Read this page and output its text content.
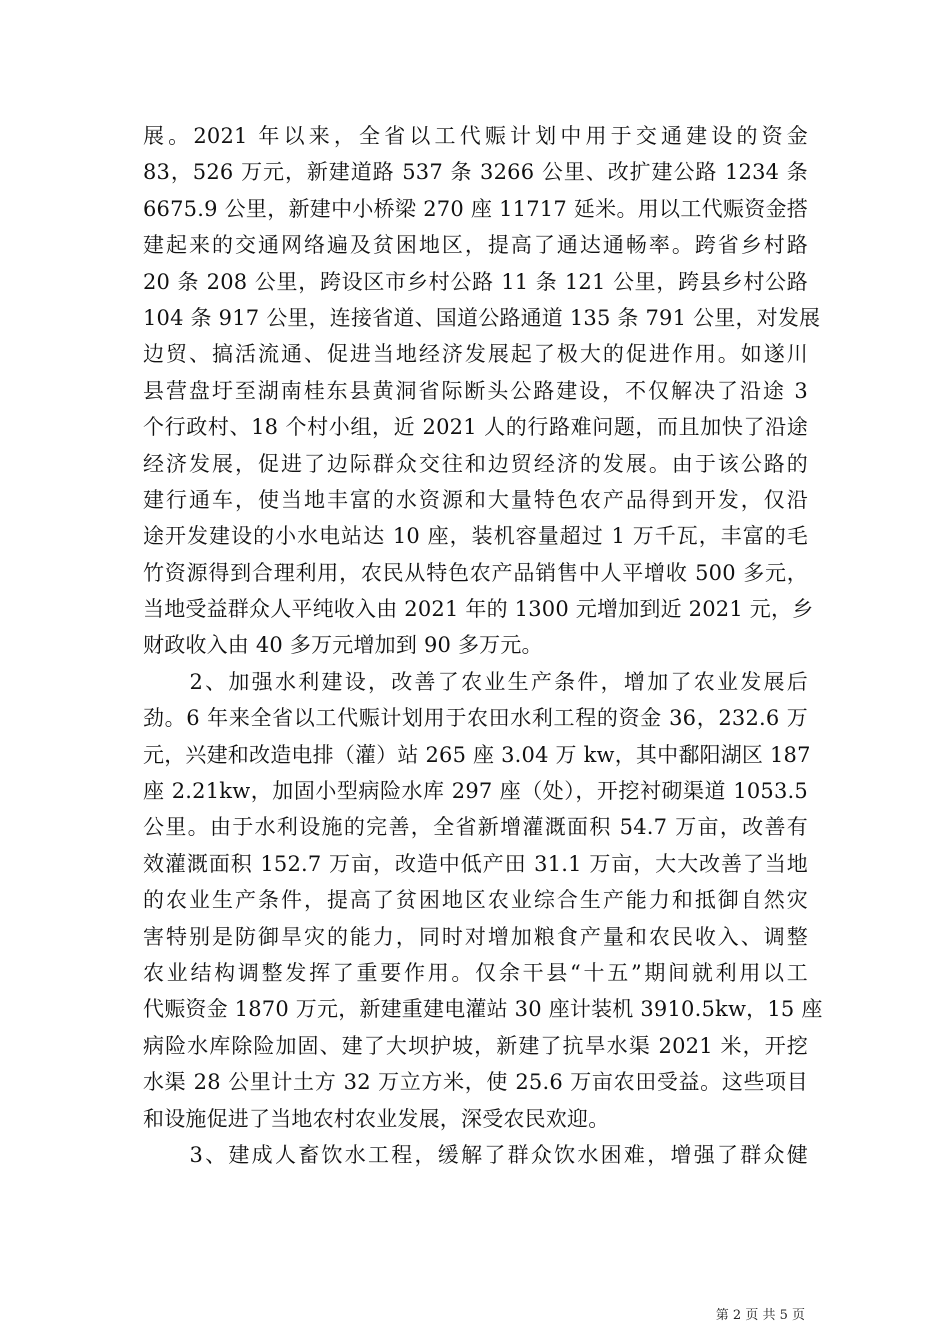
展。2021 年以来，全省以工代赈计划中用于交通建设的资金
83，526 万元，新建道路 537 条 3266 公里、改扩建公路 1234 条
6675.9 公里，新建中小桥梁 270 座 11717 延米。用以工代赈资金搭
建起来的交通网络遍及贫困地区，提高了通达通畅率。跨省乡村路
20 条 208 公里，跨设区市乡村公路 11 条 121 公里，跨县乡村公路
104 条 917 公里，连接省道、国道公路通道 135 条 791 公里，对发展
边贸、搞活流通、促进当地经济发展起了极大的促进作用。如遂川
县营盘圩至湖南桂东县黄洞省际断头公路建设，不仅解决了沿途 3
个行政村、18 个村小组，近 2021 人的行路难问题，而且加快了沿途
经济发展，促进了边际群众交往和边贸经济的发展。由于该公路的
建行通车，使当地丰富的水资源和大量特色农产品得到开发，仅沿
途开发建设的小水电站达 10 座，装机容量超过 1 万千瓦，丰富的毛
竹资源得到合理利用，农民从特色农产品销售中人平增收 500 多元，
当地受益群众人平纯收入由 2021 年的 1300 元增加到近 2021 元，乡
财政收入由 40 多万元增加到 90 多万元。
　　2、加强水利建设，改善了农业生产条件，增加了农业发展后
劲。6 年来全省以工代赈计划用于农田水利工程的资金 36，232.6 万
元，兴建和改造电排（灌）站 265 座 3.04 万 kw，其中鄱阳湖区 187
座 2.21kw，加固小型病险水库 297 座（处），开挖衬砌渠道 1053.5
公里。由于水利设施的完善，全省新增灌溉面积 54.7 万亩，改善有
效灌溉面积 152.7 万亩，改造中低产田 31.1 万亩，大大改善了当地
的农业生产条件，提高了贫困地区农业综合生产能力和抵御自然灾
害特别是防御旱灾的能力，同时对增加粮食产量和农民收入、调整
农业结构调整发挥了重要作用。仅余干县“十五”期间就利用以工
代赈资金 1870 万元，新建重建电灌站 30 座计装机 3910.5kw，15 座
病险水库除险加固、建了大坝护坡，新建了抗旱水渠 2021 米，开挖
水渠 28 公里计土方 32 万立方米，使 25.6 万亩农田受益。这些项目
和设施促进了当地农村农业发展，深受农民欢迎。
　　3、建成人畜饮水工程，缓解了群众饮水困难，增强了群众健
第 2 页 共 5 页
